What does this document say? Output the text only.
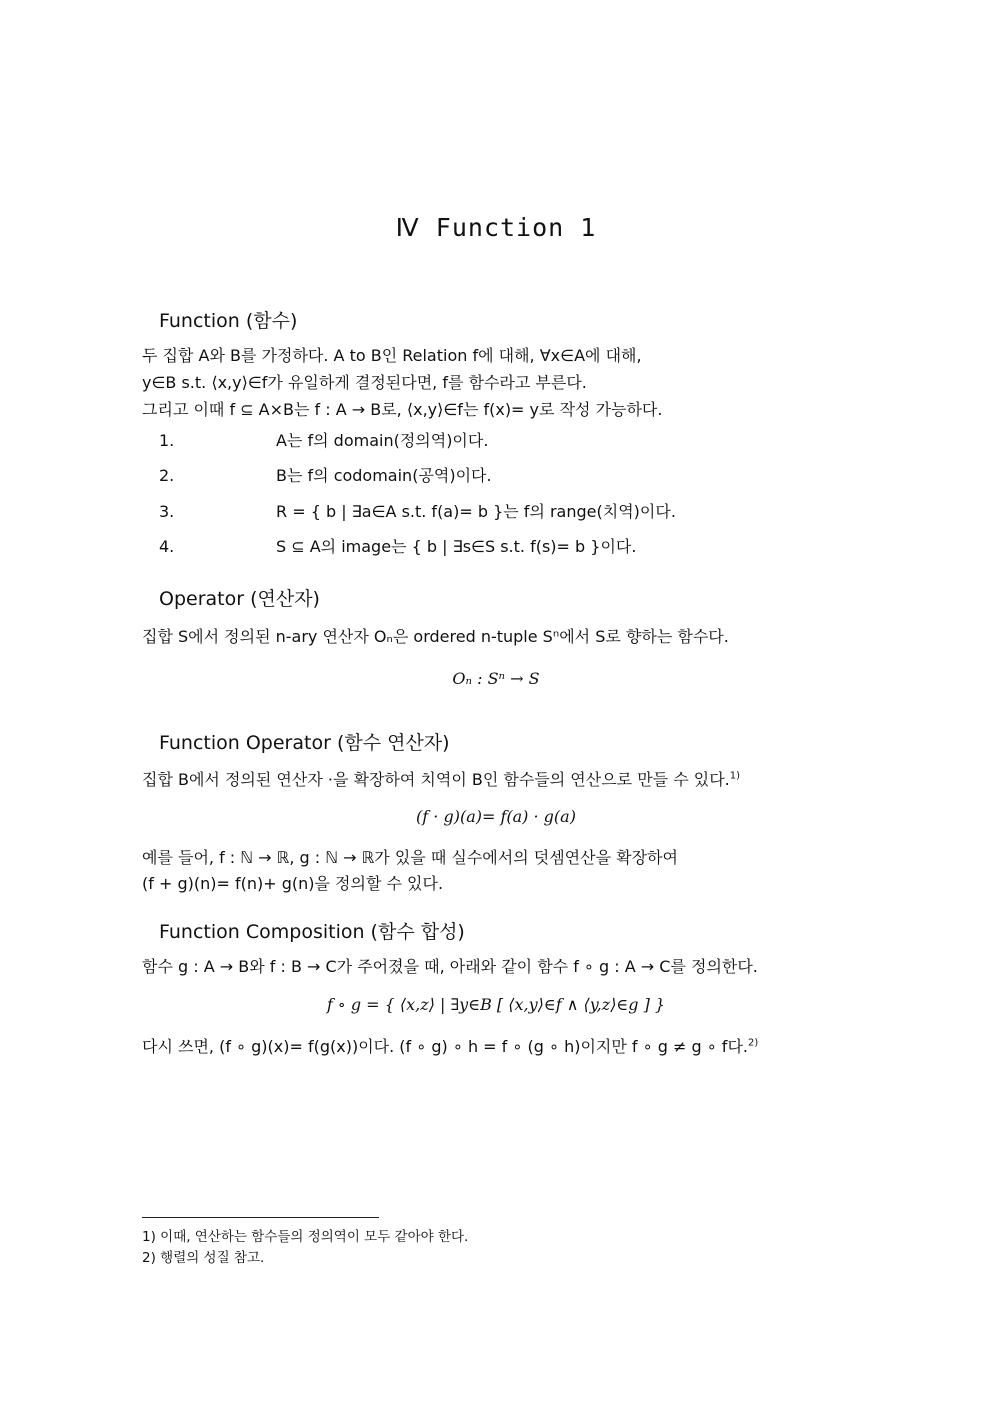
Ⅳ Function 1
Function (함수)
두 집합 A와 B를 가정하다. A to B인 Relation f에 대해, ∀x∈A에 대해,
y∈B s.t. ⟨x,y⟩∈f가 유일하게 결정된다면, f를 함수라고 부른다.
그리고 이때 f ⊆ A×B는 f : A → B로, ⟨x,y⟩∈f는 f(x)= y로 작성 가능하다.
1.	A는 f의 domain(정의역)이다.
2.	B는 f의 codomain(공역)이다.
3.	R = { b | ∃a∈A s.t. f(a)= b }는 f의 range(치역)이다.
4.	S ⊆ A의 image는 { b | ∃s∈S s.t. f(s)= b }이다.
Operator (연산자)
집합 S에서 정의된 n-ary 연산자 Oₙ은 ordered n-tuple Sⁿ에서 S로 향하는 함수다.
Oₙ : Sⁿ → S
Function Operator (함수 연산자)
집합 B에서 정의된 연산자 ·을 확장하여 치역이 B인 함수들의 연산으로 만들 수 있다.$^{1)}$
(f · g)(a)= f(a) · g(a)
예를 들어, f : ℕ → ℝ, g : ℕ → ℝ가 있을 때 실수에서의 덧셈연산을 확장하여
(f + g)(n)= f(n)+ g(n)을 정의할 수 있다.
Function Composition (함수 합성)
함수 g : A → B와 f : B → C가 주어졌을 때, 아래와 같이 함수 f ∘ g : A → C를 정의한다.
f ∘ g = { ⟨x,z⟩ | ∃y∈B [ ⟨x,y⟩∈f ∧ ⟨y,z⟩∈g ] }
다시 쓰면, (f ∘ g)(x)= f(g(x))이다. (f ∘ g) ∘ h = f ∘ (g ∘ h)이지만 f ∘ g ≠ g ∘ f다.$^{2)}$
1) 이때, 연산하는 함수들의 정의역이 모두 같아야 한다.
2) 행렬의 성질 참고.
